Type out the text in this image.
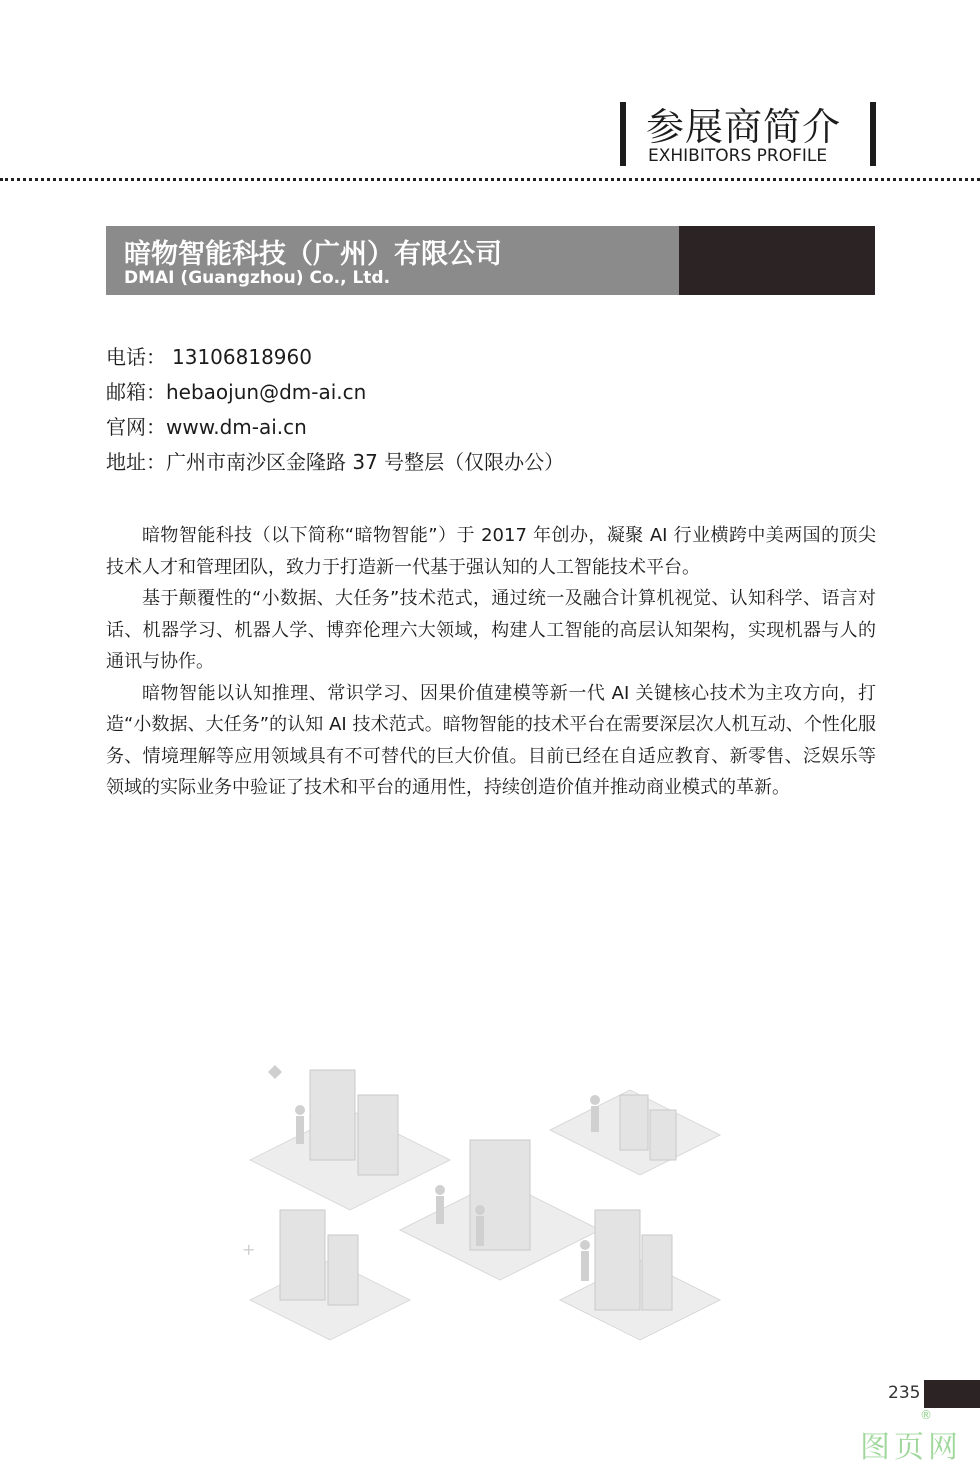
参展商简介
EXHIBITORS PROFILE
暗物智能科技（广州）有限公司
DMAI (Guangzhou) Co., Ltd.
电话： 13106818960
邮箱：hebaojun@dm-ai.cn
官网：www.dm-ai.cn
地址：广州市南沙区金隆路 37 号整层（仅限办公）

暗物智能科技（以下简称“暗物智能”）于 2017 年创办，凝聚 AI 行业横跨中美两国的顶尖技术人才和管理团队，致力于打造新一代基于强认知的人工智能技术平台。

基于颠覆性的“小数据、大任务”技术范式，通过统一及融合计算机视觉、认知科学、语言对话、机器学习、机器人学、博弈伦理六大领域，构建人工智能的高层认知架构，实现机器与人的通讯与协作。

暗物智能以认知推理、常识学习、因果价值建模等新一代 AI 关键核心技术为主攻方向，打造“小数据、大任务”的认知 AI 技术范式。暗物智能的技术平台在需要深层次人机互动、个性化服务、情境理解等应用领域具有不可替代的巨大价值。目前已经在自适应教育、新零售、泛娱乐等领域的实际业务中验证了技术和平台的通用性，持续创造价值并推动商业模式的革新。

+
235
图页网
®
